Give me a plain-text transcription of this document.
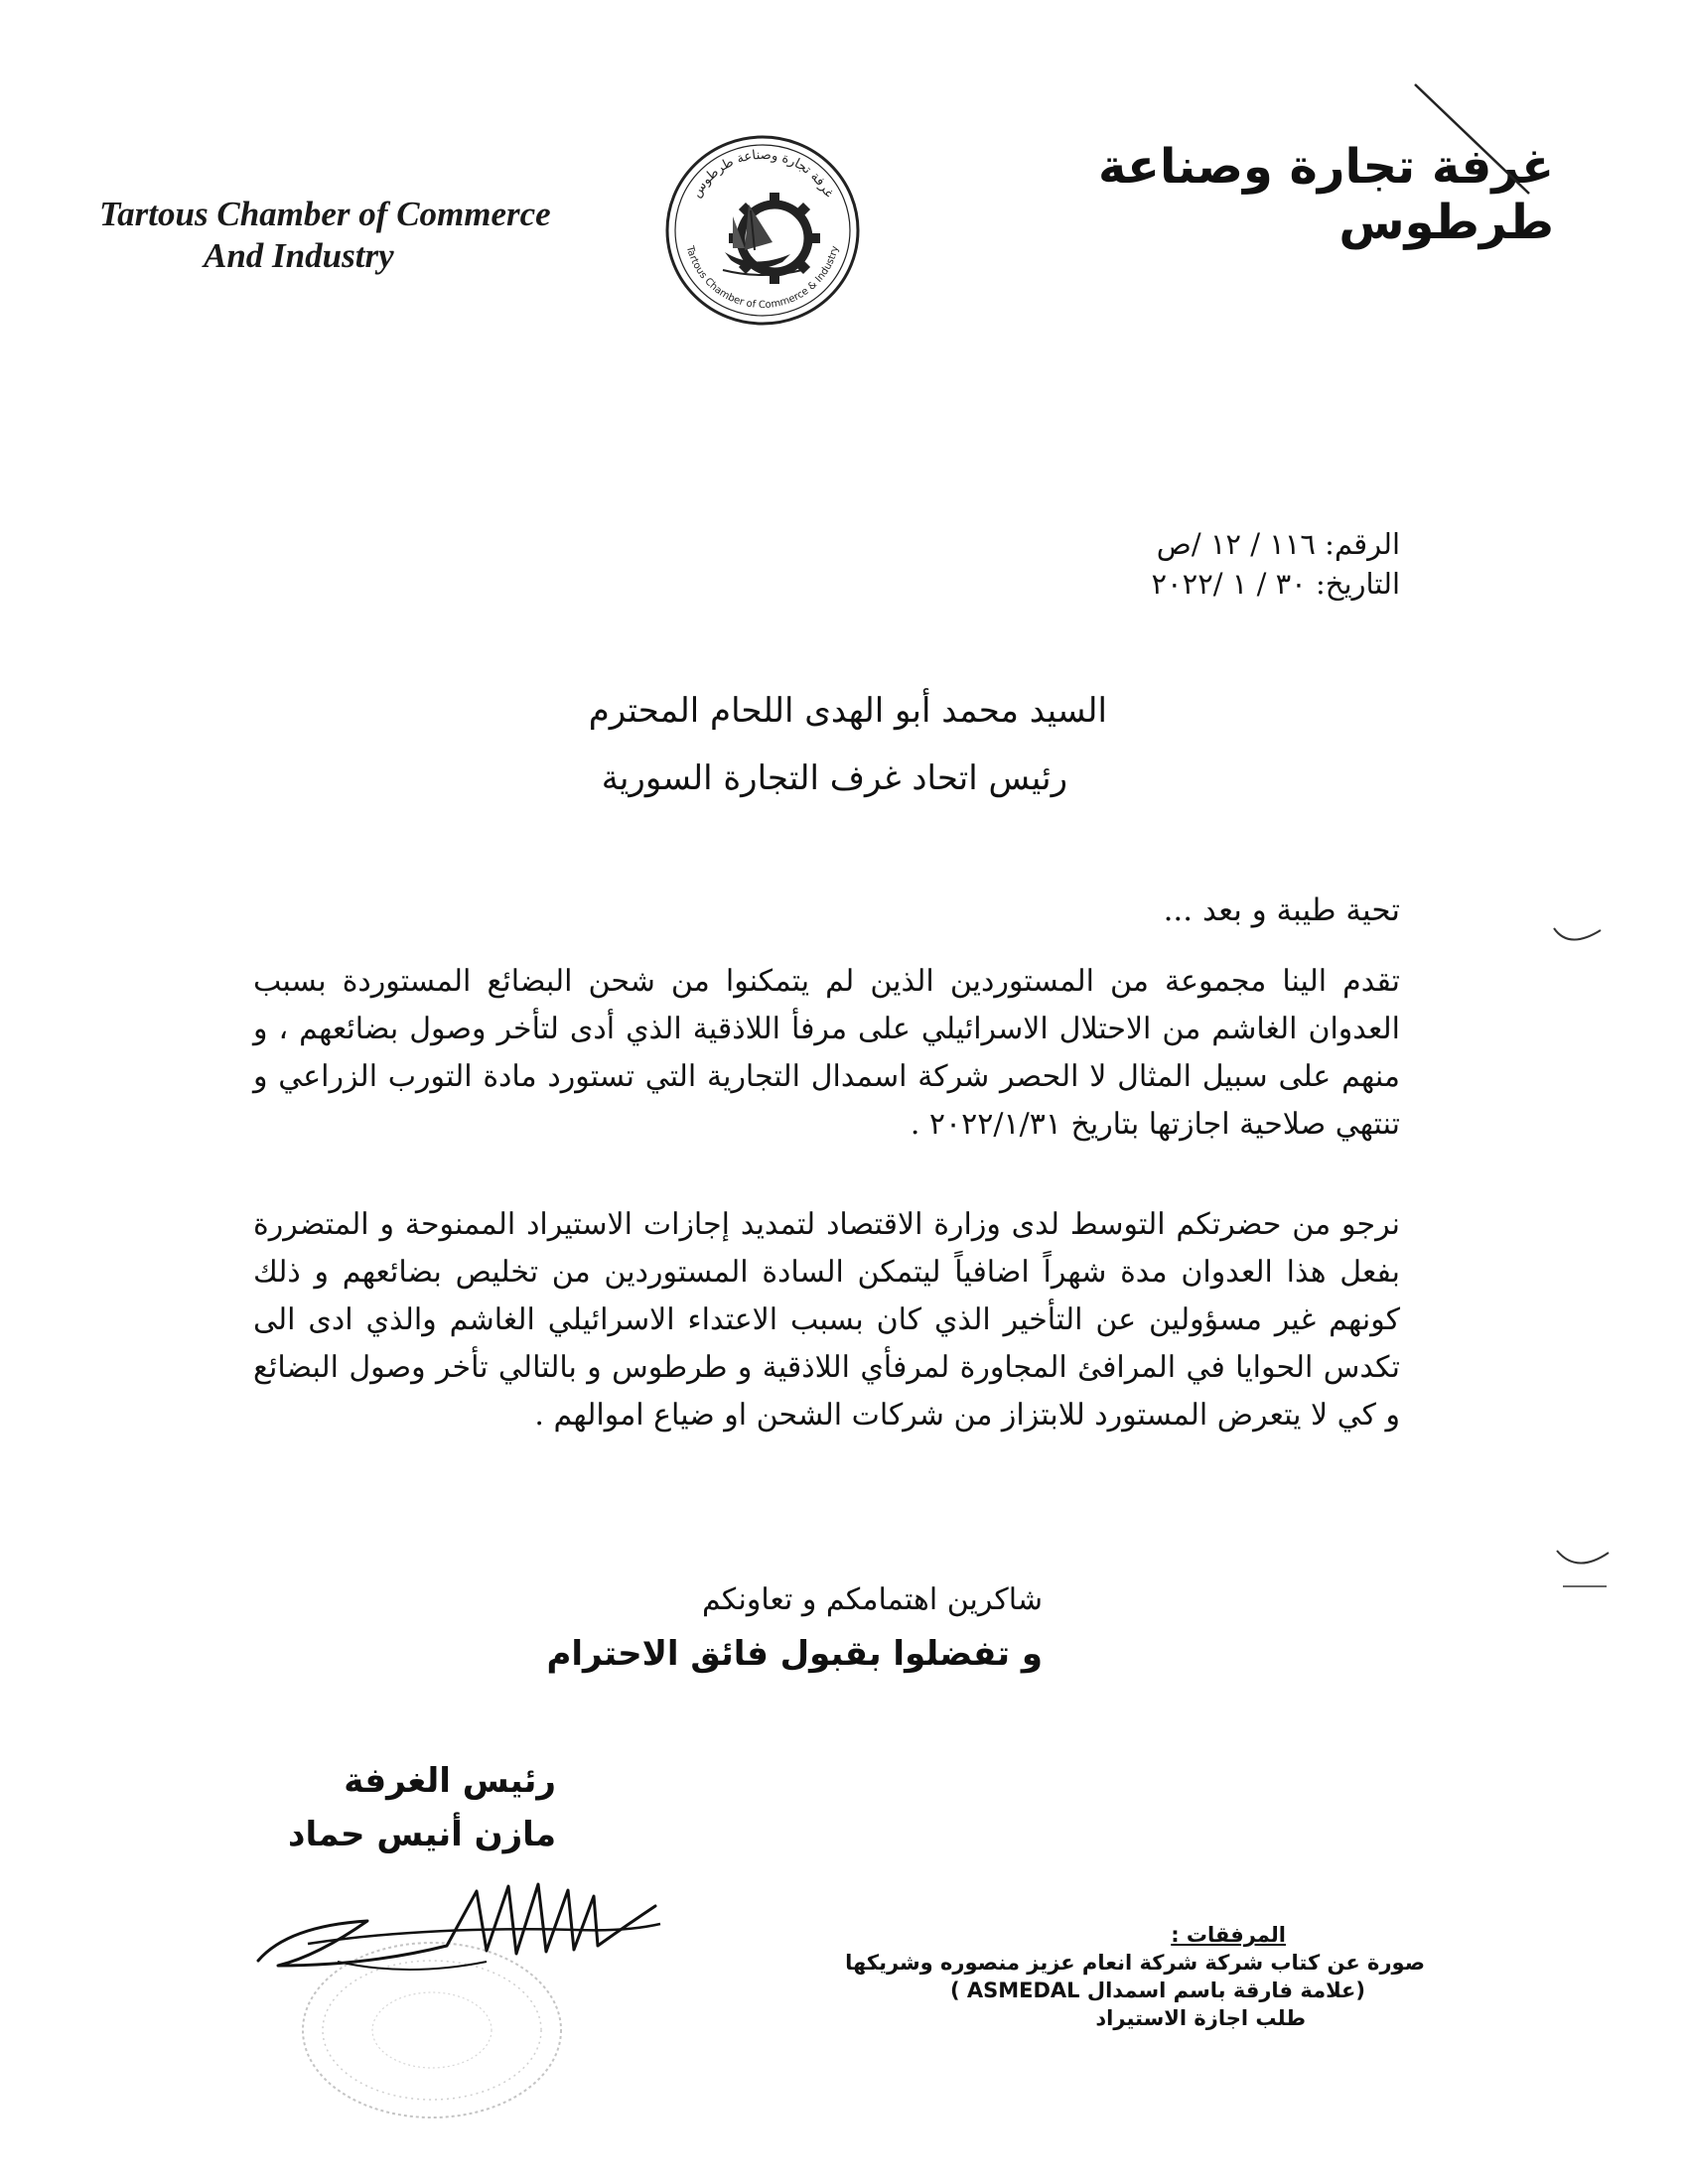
Tartous Chamber of Commerce
And Industry
غرفة تجارة وصناعة طرطوس
Tartous Chamber of Commerce & Industry
غرفة تجارة وصناعة طرطوس
الرقم: ١١٦ / ١٢ /ص
التاريخ: ٣٠ / ١ /٢٠٢٢
السيد محمد أبو الهدى اللحام المحترم
رئيس اتحاد غرف التجارة السورية
تحية طيبة و بعد ...
تقدم الينا مجموعة من المستوردين الذين لم يتمكنوا من شحن البضائع المستوردة بسبب العدوان الغاشم من الاحتلال الاسرائيلي على مرفأ اللاذقية الذي أدى لتأخر وصول بضائعهم ، و منهم على سبيل المثال لا الحصر شركة اسمدال التجارية التي تستورد مادة التورب الزراعي و تنتهي صلاحية اجازتها بتاريخ ٢٠٢٢/١/٣١ .
نرجو من حضرتكم التوسط لدى وزارة الاقتصاد لتمديد إجازات الاستيراد الممنوحة و المتضررة بفعل هذا العدوان مدة شهراً اضافياً ليتمكن السادة المستوردين من تخليص بضائعهم و ذلك كونهم غير مسؤولين عن التأخير الذي كان بسبب الاعتداء الاسرائيلي الغاشم والذي ادى الى تكدس الحوايا في المرافئ المجاورة لمرفأي اللاذقية و طرطوس و بالتالي تأخر وصول البضائع و كي لا يتعرض المستورد للابتزاز من شركات الشحن او ضياع اموالهم .
شاكرين اهتمامكم و تعاونكم
و تفضلوا بقبول فائق الاحترام
رئيس الغرفة
مازن أنيس حماد
المرفقات :
صورة عن كتاب شركة شركة انعام عزيز منصوره وشريكها
(علامة فارقة باسم اسمدال ASMEDAL )
طلب اجازة الاستيراد
